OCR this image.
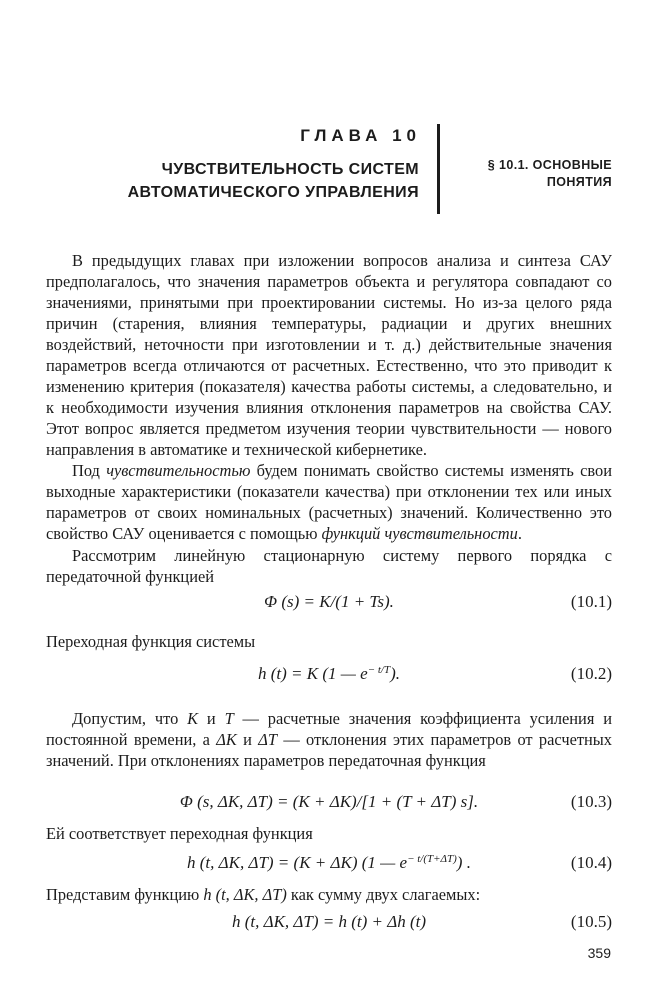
ГЛАВА 10
ЧУВСТВИТЕЛЬНОСТЬ СИСТЕМ
АВТОМАТИЧЕСКОГО УПРАВЛЕНИЯ
§ 10.1. ОСНОВНЫЕ
ПОНЯТИЯ

В предыдущих главах при изложении вопросов анализа и синтеза САУ предполагалось, что значения параметров объекта и регулятора совпадают со значениями, принятыми при проектировании системы. Но из-за целого ряда причин (старения, влияния температуры, радиации и других внешних воздействий, неточности при изготовлении и т. д.) действительные значения параметров всегда отличаются от расчетных. Естественно, что это приводит к изменению критерия (показателя) качества работы системы, а следовательно, и к необходимости изучения влияния отклонения параметров на свойства САУ. Этот вопрос является предметом изучения теории чувствительности — нового направления в автоматике и технической кибернетике.

Под чувствительностью будем понимать свойство системы изменять свои выходные характеристики (показатели качества) при отклонении тех или иных параметров от своих номинальных (расчетных) значений. Количественно это свойство САУ оценивается с помощью функций чувствительности.

Рассмотрим линейную стационарную систему первого порядка с передаточной функцией

Φ (s) = K/(1 + Ts).	(10.1)

Переходная функция системы

h (t) = K (1 — $e^{- t/T}$).	(10.2)

Допустим, что K и T — расчетные значения коэффициента усиления и постоянной времени, а ΔK и ΔT — отклонения этих параметров от расчетных значений. При отклонениях параметров передаточная функция

Φ (s, ΔK, ΔT) = (K + ΔK)/[1 + (T + ΔT) s].	(10.3)

Ей соответствует переходная функция

h (t, ΔK, ΔT) = (K + ΔK) (1 — $e^{- t/(T+\Delta T)}$) .	(10.4)

Представим функцию h (t, ΔK, ΔT) как сумму двух слагаемых:

h (t, ΔK, ΔT) = h (t) + Δh (t)	(10.5)
359
